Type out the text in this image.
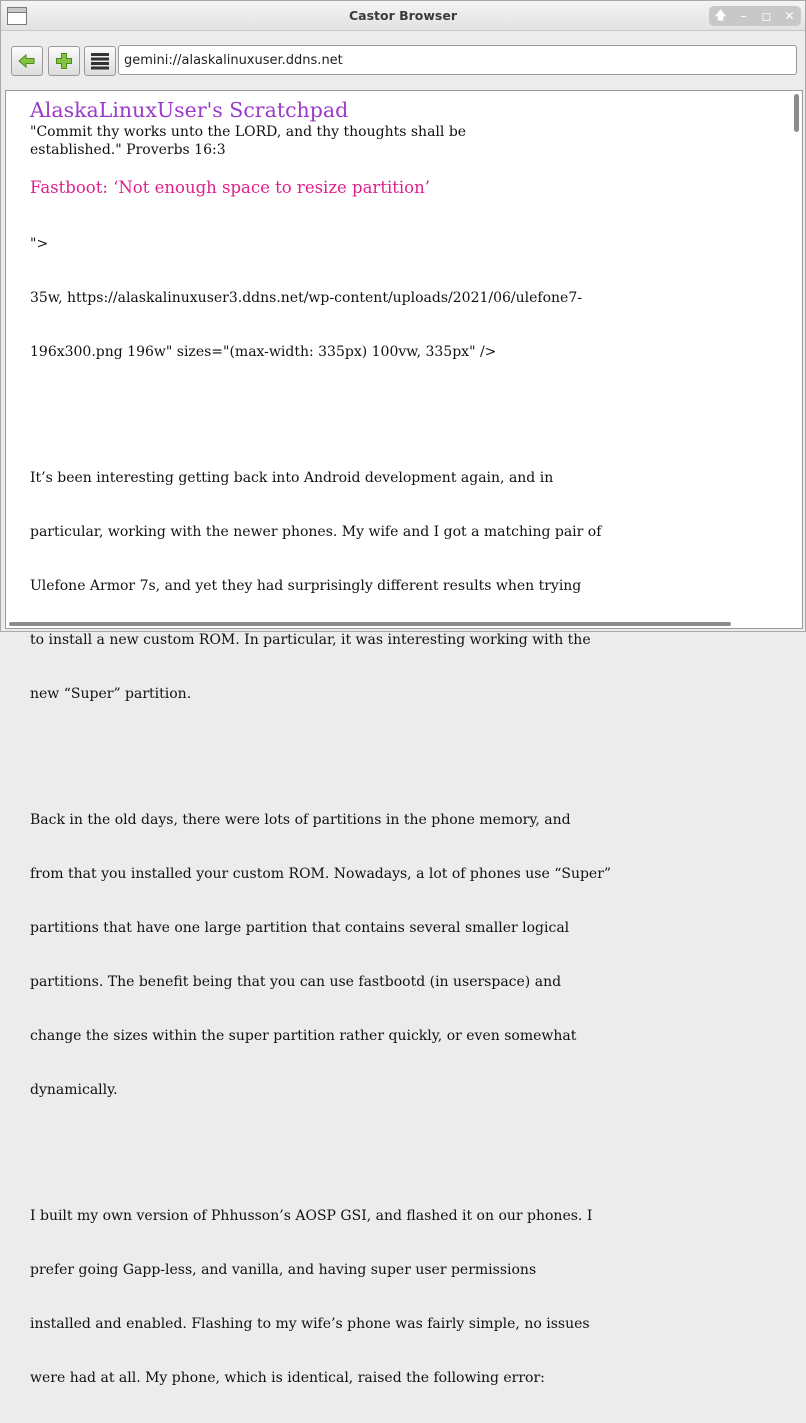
Castor Browser	🡅	–	◻	✕
gemini://alaskalinuxuser.ddns.net
AlaskaLinuxUser's Scratchpad
"Commit thy works unto the LORD, and thy thoughts shall be
established." Proverbs 16:3
Fastboot: ‘Not enough space to resize partition’

">

35w, https://alaskalinuxuser3.ddns.net/wp-content/uploads/2021/06/ulefone7-

196x300.png 196w" sizes="(max-width: 335px) 100vw, 335px" />

It’s been interesting getting back into Android development again, and in

particular, working with the newer phones. My wife and I got a matching pair of

Ulefone Armor 7s, and yet they had surprisingly different results when trying

to install a new custom ROM. In particular, it was interesting working with the

new “Super” partition.

Back in the old days, there were lots of partitions in the phone memory, and

from that you installed your custom ROM. Nowadays, a lot of phones use “Super”

partitions that have one large partition that contains several smaller logical

partitions. The benefit being that you can use fastbootd (in userspace) and

change the sizes within the super partition rather quickly, or even somewhat

dynamically.

I built my own version of Phhusson’s AOSP GSI, and flashed it on our phones. I

prefer going Gapp-less, and vanilla, and having super user permissions

installed and enabled. Flashing to my wife’s phone was fairly simple, no issues

were had at all. My phone, which is identical, raised the following error:
